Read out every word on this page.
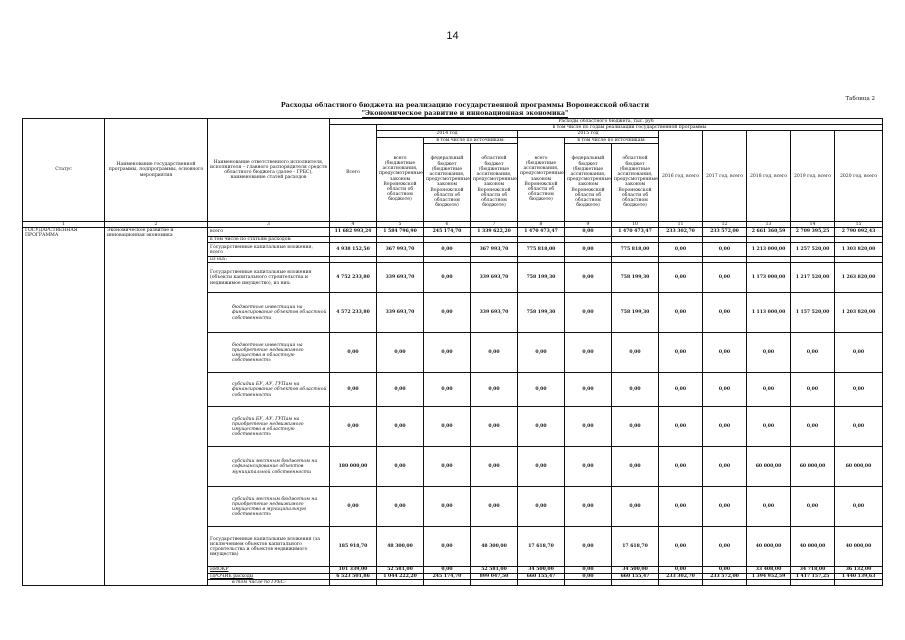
14
Таблица 2
Расходы областного бюджета на реализацию государственной программы Воронежской области
"Экономическое развитие и инновационная экономика"
Статус	Наименование государственной программы, подпрограммы, основного мероприятия	Наименование ответственного исполнителя, исполнителя – главного распорядителя средств областного бюджета (далее - ГРБС), наименование статей расходов	Расходы областного бюджета, тыс. руб											
			Всего	в том числе по годам реализации государственной программы										
				2014 год			2015 год			2016 год, всего	2017 год, всего	2018 год, всего	2019 год, всего	2020 год, всего
				всего (бюджетные ассигнования, предусмотренные законом Воронежской области об областном бюджете)	в том числе по источникам:		всего (бюджетные ассигнования, предусмотренные законом Воронежской области об областном бюджете)	в том числе по источникам:						
					федеральный бюджет (бюджетные ассигнования, предусмотренные законом Воронежской области об областном бюджете)	областной бюджет (бюджетные ассигнования, предусмотренные законом Воронежской области об областном бюджете)		федеральный бюджет (бюджетные ассигнования, предусмотренные законом Воронежской области об областном бюджете)	областной бюджет (бюджетные ассигнования, предусмотренные законом Воронежской области об областном бюджете)					
1	2	3	4	5	6	7	8	9	10	11	12	13	14	15
ГОСУДАРСТВЕННАЯ ПРОГРАММА	Экономическое развитие и инновационная экономика	всего	11 682 993,24	1 584 796,90	245 174,70	1 339 622,20	1 470 473,47	0,00	1 470 473,47	233 302,70	233 572,00	2 661 360,59	2 709 395,25	2 790 092,43
		в том числе по статьям расходов:												
		Государственные капитальные вложения, всего	4 938 152,50	367 993,70	0,00	367 993,70	775 818,00	0,00	775 818,00	0,00	0,00	1 213 000,00	1 257 520,00	1 303 820,00
		из них:												
		Государственные капитальные вложения (объекты капитального строительства и недвижимое имущество), из них:	4 752 233,80	339 693,70	0,00	339 693,70	758 199,30	0,00	758 199,30	0,00	0,00	1 173 000,00	1 217 520,00	1 263 820,00
		бюджетные инвестиции на финансирование объектов областной собственности	4 572 233,80	339 693,70	0,00	339 693,70	758 199,30	0,00	758 199,30	0,00	0,00	1 113 000,00	1 157 520,00	1 203 820,00
		бюджетные инвестиции на приобретение недвижимого имущества в областную собственность	0,00	0,00	0,00	0,00	0,00	0,00	0,00	0,00	0,00	0,00	0,00	0,00
		субсидии БУ, АУ, ГУПам на финансирование объектов областной собственности	0,00	0,00	0,00	0,00	0,00	0,00	0,00	0,00	0,00	0,00	0,00	0,00
		субсидии БУ, АУ, ГУПам на приобретение недвижимого имущества в областную собственность	0,00	0,00	0,00	0,00	0,00	0,00	0,00	0,00	0,00	0,00	0,00	0,00
		субсидии местным бюджетам на софинансирование объектов муниципальной собственности	180 000,00	0,00	0,00	0,00	0,00	0,00	0,00	0,00	0,00	60 000,00	60 000,00	60 000,00
		субсидии местным бюджетам на приобретение недвижимого имущества в муниципальную собственность	0,00	0,00	0,00	0,00	0,00	0,00	0,00	0,00	0,00	0,00	0,00	0,00
		Государственные капитальные вложения (за исключением объектов капитального строительства и объектов недвижимого имущества)	185 918,70	48 300,00	0,00	48 300,00	17 618,70	0,00	17 618,70	0,00	0,00	40 000,00	40 000,00	40 000,00
		НИОКР	101 339,00	52 581,00	0,00	52 581,00	34 500,00	0,00	34 500,00	0,00	0,00	33 408,00	34 718,00	36 132,00
		ПРОЧИЕ расходы	6 523 501,86	1 044 222,20	245 174,70	899 047,50	660 155,47	0,00	660 155,47	233 302,70	233 572,00	1 394 952,59	1 417 157,25	1 440 139,63
		в том числе по ГРБС:												
